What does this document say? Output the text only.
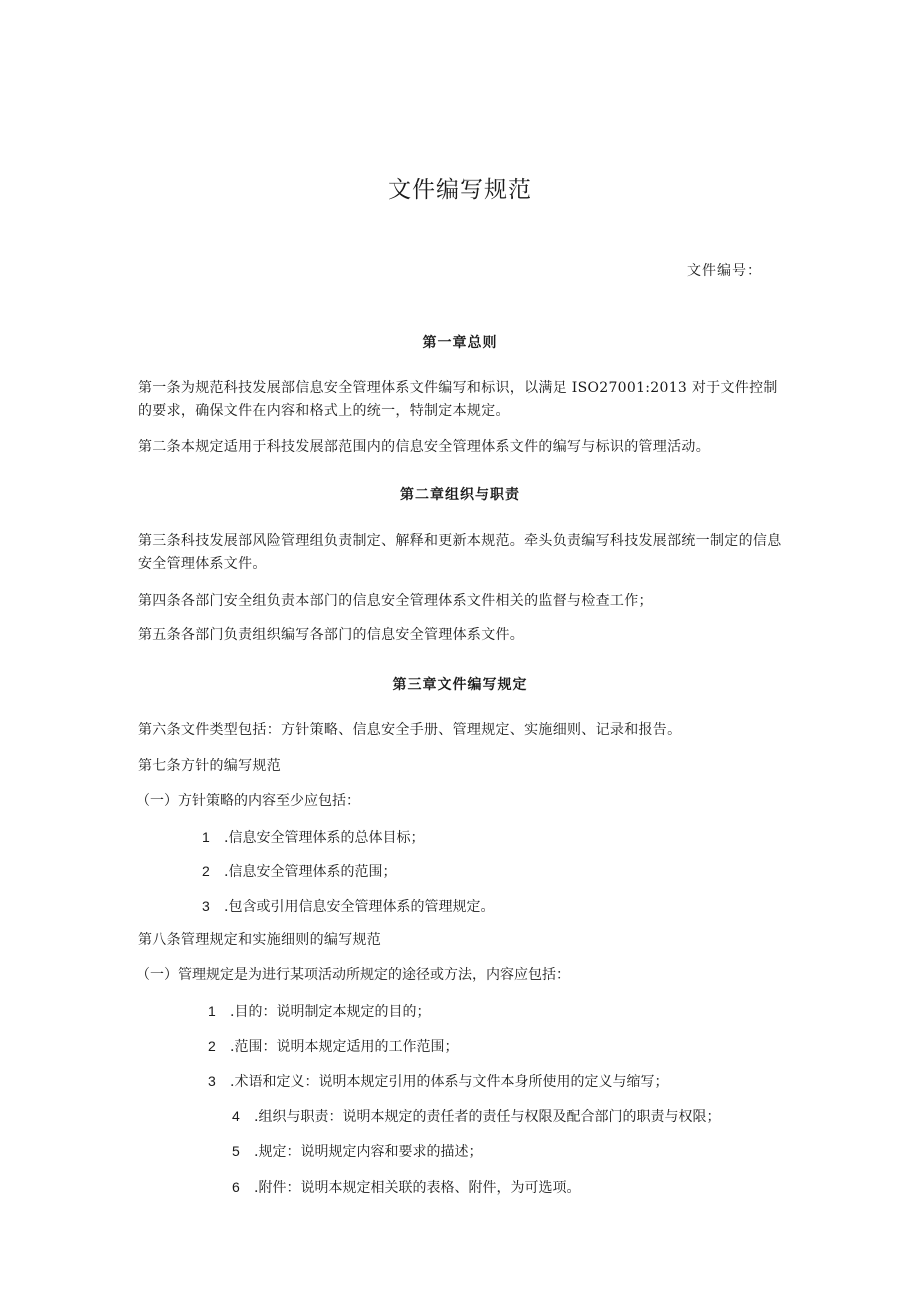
文件编写规范
文件编号：
第一章总则
第一条为规范科技发展部信息安全管理体系文件编写和标识，以满足 ISO27001:2013 对于文件控制的要求，确保文件在内容和格式上的统一，特制定本规定。
第二条本规定适用于科技发展部范围内的信息安全管理体系文件的编写与标识的管理活动。
第二章组织与职责
第三条科技发展部风险管理组负责制定、解释和更新本规范。牵头负责编写科技发展部统一制定的信息安全管理体系文件。
第四条各部门安全组负责本部门的信息安全管理体系文件相关的监督与检查工作；
第五条各部门负责组织编写各部门的信息安全管理体系文件。
第三章文件编写规定
第六条文件类型包括：方针策略、信息安全手册、管理规定、实施细则、记录和报告。
第七条方针的编写规范
（一）方针策略的内容至少应包括：
1 .信息安全管理体系的总体目标；
2 .信息安全管理体系的范围；
3 .包含或引用信息安全管理体系的管理规定。
第八条管理规定和实施细则的编写规范
（一）管理规定是为进行某项活动所规定的途径或方法，内容应包括：
1 .目的：说明制定本规定的目的；
2 .范围：说明本规定适用的工作范围；
3 .术语和定义：说明本规定引用的体系与文件本身所使用的定义与缩写；
4 .组织与职责：说明本规定的责任者的责任与权限及配合部门的职责与权限；
5 .规定：说明规定内容和要求的描述；
6 .附件：说明本规定相关联的表格、附件，为可选项。
